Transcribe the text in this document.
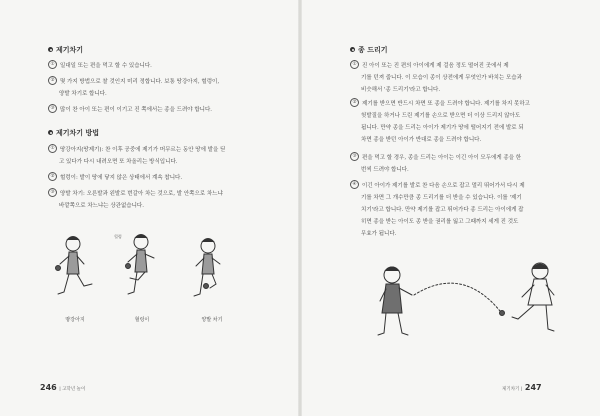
제기차기
① 일대일 또는 편을 먹고 할 수 있습니다.
② 몇 가지 방법으로 찰 것인지 미리 정합니다. 보통 땅강아지, 헐렁이,
양발 차기로 합니다.
③ 많이 찬 아이 또는 편이 이기고 진 쪽에서는 종을 드려야 합니다.
제기차기 방법
① 땅강아지(땅제기): 찬 이후 공중에 제기가 머무르는 동안 땅에 발을 딛
고 있다가 다시 내려오면 또 차올리는 방식입니다.
② 헐렁이: 발이 땅에 닿지 않은 상태에서 계속 찹니다.
③ 양발 차기: 오른발과 왼발로 번갈아 차는 것으로, 발 안쪽으로 차느냐
바깥쪽으로 차느냐는 상관없습니다.
헐렁
땅강아지	헐렁이	양발 차기
246 | 고학년 놀이
종 드리기
① 진 아이 또는 진 편의 아이에게 제 걸음 정도 떨어진 곳에서 제
기를 던져 줍니다. 이 모습이 종이 상전에게 무엇인가 바치는 모습과
비슷해서 '종 드리기'라고 합니다.
② 제기를 받으면 반드시 차면 또 종을 드려야 합니다. 제기를 차지 못하고
헛발질을 하거나 드린 제기를 손으로 받으면 더 이상 드리지 않아도
됩니다. 만약 종을 드리는 아이가 제기가 땅에 떨어지기 전에 발로 되
차면 종을 받던 아이가 반대로 종을 드려야 합니다.
③ 편을 먹고 할 경우, 종을 드리는 아이는 이긴 아이 모두에게 종을 한
번씩 드려야 합니다.
④ 이긴 아이가 제기를 발로 찬 다음 손으로 잡고 멀리 뛰어가서 다시 제
기를 차면 그 개수만큼 종 드리기를 더 받을 수 있습니다. 이를 '제기
치기'라고 합니다. 만약 제기를 잡고 뛰어가다 종 드리는 아이에게 잡
히면 종을 받는 아이도 종 받을 권리를 잃고 그때까지 세게 진 것도
무효가 됩니다.
제기차기 | 247
